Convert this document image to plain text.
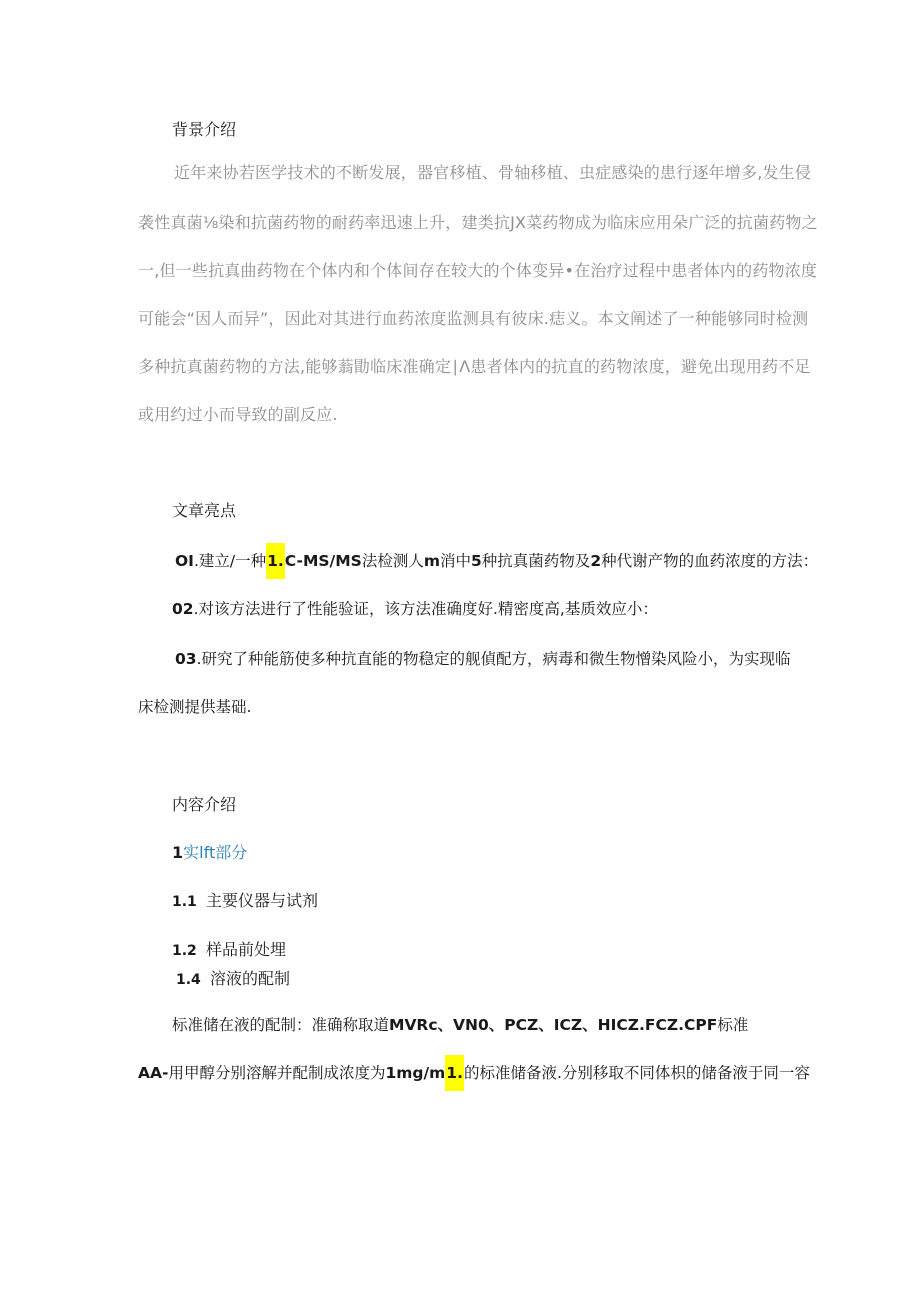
背景介绍
近年来协若医学技术的不断发展，器官移植、骨轴移植、虫症感染的患行逐年增多,发生侵
袭性真菌⅛染和抗菌药物的耐药率迅速上升，建类抗JX菜药物成为临床应用朵广泛的抗菌药物之
一,但一些抗真曲药物在个体内和个体间存在较大的个体变异•在治疗过程中患者体内的药物浓度
可能会“因人而异”，因此对其进行血药浓度监测具有彼床.痣义。本文阐述了一种能够同时检测
多种抗真菌药物的方法,能够蓊勖临床准确定∣Λ患者体内的抗直的药物浓度，避免出现用药不足
或用约过小而导致的副反应.
文章亮点
OI.建立/一种1.C-MS/MS法检测人m消中5种抗真菌药物及2种代谢产物的血药浓度的方法：
02.对该方法进行了性能验证，该方法准确度好.精密度高,基质效应小：
03.研究了种能筋使多种抗直能的物稳定的舰偵配方，病毒和微生物憎染风险小，为实现临
床检测提供基础.
内容介绍
1实lft部分
1.1 主要仪器与试剂
1.2 样品前处埋
1.4 溶液的配制
标准储在液的配制：准确称取道MVRc、VN0、PCZ、ICZ、HICZ.FCZ.CPF标准
AA-用甲醇分别溶解并配制成浓度为1mg/m1.的标准储备液.分别移取不同体枳的储备液于同一容
